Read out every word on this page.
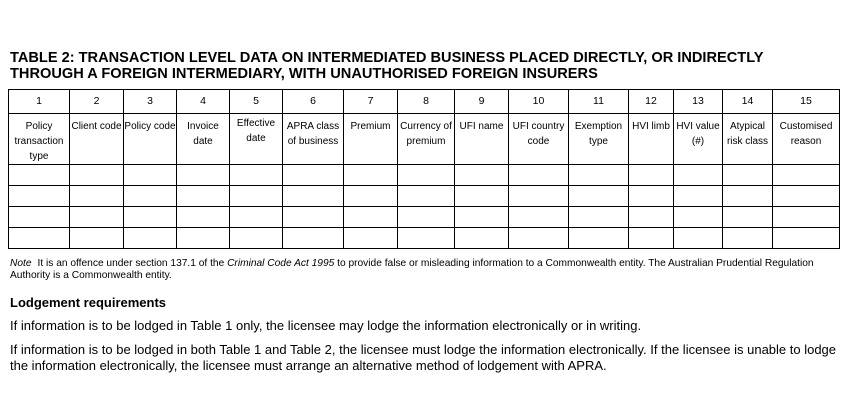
TABLE 2: TRANSACTION LEVEL DATA ON INTERMEDIATED BUSINESS PLACED DIRECTLY, OR INDIRECTLY THROUGH A FOREIGN INTERMEDIARY, WITH UNAUTHORISED FOREIGN INSURERS
1	2	3	4	5	6	7	8	9	10	11	12	13	14	15
Policy transaction type	Client code	Policy code	Invoice date	Effective date	APRA class of business	Premium	Currency of premium	UFI name	UFI country code	Exemption type	HVI limb	HVI value (#)	Atypical risk class	Customised reason

Note It is an offence under section 137.1 of the Criminal Code Act 1995 to provide false or misleading information to a Commonwealth entity. The Australian Prudential Regulation Authority is a Commonwealth entity.

Lodgement requirements

If information is to be lodged in Table 1 only, the licensee may lodge the information electronically or in writing.

If information is to be lodged in both Table 1 and Table 2, the licensee must lodge the information electronically. If the licensee is unable to lodge the information electronically, the licensee must arrange an alternative method of lodgement with APRA.
